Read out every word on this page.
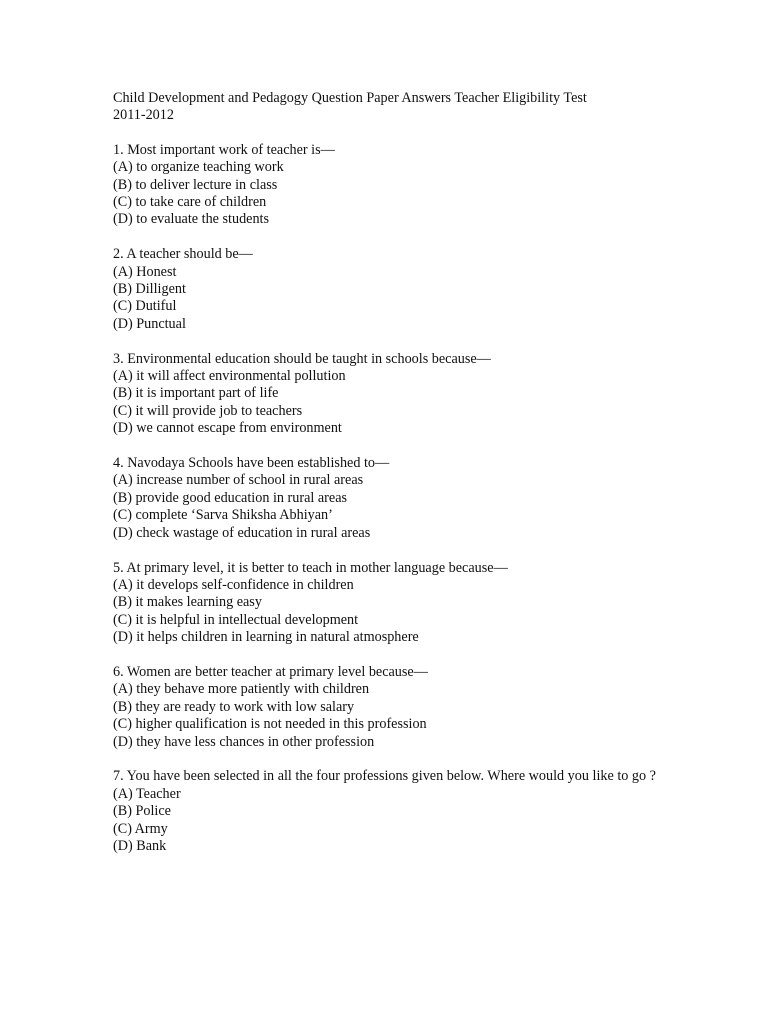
Child Development and Pedagogy Question Paper Answers Teacher Eligibility Test
2011-2012
1. Most important work of teacher is—
(A) to organize teaching work
(B) to deliver lecture in class
(C) to take care of children
(D) to evaluate the students
2. A teacher should be—
(A) Honest
(B) Dilligent
(C) Dutiful
(D) Punctual
3. Environmental education should be taught in schools because—
(A) it will affect environmental pollution
(B) it is important part of life
(C) it will provide job to teachers
(D) we cannot escape from environment
4. Navodaya Schools have been established to—
(A) increase number of school in rural areas
(B) provide good education in rural areas
(C) complete ‘Sarva Shiksha Abhiyan’
(D) check wastage of education in rural areas
5. At primary level, it is better to teach in mother language because—
(A) it develops self-confidence in children
(B) it makes learning easy
(C) it is helpful in intellectual development
(D) it helps children in learning in natural atmosphere
6. Women are better teacher at primary level because—
(A) they behave more patiently with children
(B) they are ready to work with low salary
(C) higher qualification is not needed in this profession
(D) they have less chances in other profession
7. You have been selected in all the four professions given below. Where would you like to go ?
(A) Teacher
(B) Police
(C) Army
(D) Bank
